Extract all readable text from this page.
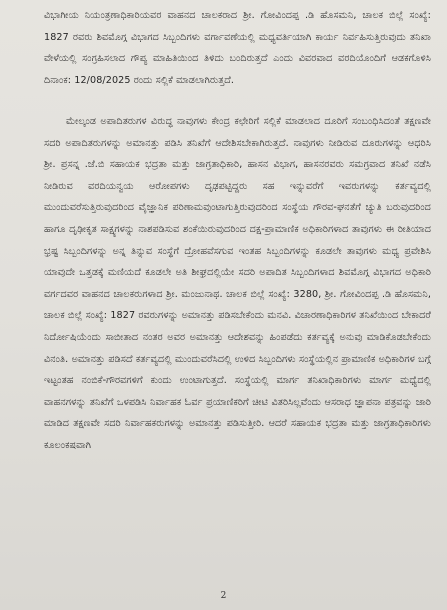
ವಿಭಾಗೀಯ ನಿಯಂತ್ರಣಾಧಿಕಾರಿಯವರ ವಾಹನದ ಚಾಲಕರಾದ ಶ್ರೀ. ಗೋವಿಂದಪ್ಪ .ಡಿ ಹೊಸಮನಿ, ಚಾಲಕ ಬಿಲ್ಲೆ ಸಂಖ್ಯೆ: 1827 ರವರು ಶಿವಮೊಗ್ಗ ವಿಭಾಗದ ಸಿಬ್ಬಂದಿಗಳು ವರ್ಗಾವಣೆಯಲ್ಲಿ ಮಧ್ಯವರ್ತಿಯಾಗಿ ಕಾರ್ಯ ನಿರ್ವಹಿಸುತ್ತಿರುವುದು ತನಿಖಾ ವೇಳೆಯಲ್ಲಿ ಸಂಗ್ರಹಿಸಲಾದ ಗೌಪ್ಯ ಮಾಹಿತಿಯಿಂದ ತಿಳಿದು ಬಂದಿರುತ್ತದೆ ಎಂದು ವಿವರವಾದ ವರದಿಯೊಂದಿಗೆ ಆಡಕಗೊಳಿಸಿ ದಿನಾಂಕ: 12/08/2025 ರಂದು ಸಲ್ಲಿಕೆ ಮಾಡಲಾಗಿರುತ್ತದೆ.

ಮೇಲ್ಕಂಡ ಅಪಾದಿತರುಗಳ ವಿರುದ್ಧ ನಾವುಗಳು ಕೇಂದ್ರ ಕಛೇರಿಗೆ ಸಲ್ಲಿಕೆ ಮಾಡಲಾದ ದೂರಿಗೆ ಸಂಬಂಧಿಸಿದಂತೆ ತಕ್ಷಣವೇ ಸದರಿ ಅಪಾದಿತರುಗಳನ್ನು ಅಮಾನತ್ತು ಪಡಿಸಿ ತನಿಖೆಗೆ ಆದೇಶಿಸಬೇಕಾಗಿರುತ್ತದೆ. ನಾವುಗಳು ನೀಡಿರುವ ದೂರುಗಳನ್ನು ಆಧರಿಸಿ ಶ್ರೀ. ಪ್ರಸನ್ನ .ಜೆ.ಬಿ ಸಹಾಯಕ ಭದ್ರತಾ ಮತ್ತು ಜಾಗ್ರತಾಧಿಕಾರಿ, ಹಾಸನ ವಿಭಾಗ, ಹಾಸನರವರು ಸಮಗ್ರವಾದ ತನಿಖೆ ನಡೆಸಿ ನೀಡಿರುವ ವರದಿಯನ್ವಯ ಆರೋಪಗಳು ದೃಢಪಟ್ಟಿದ್ದರು ಸಹ ಇನ್ನುವರೆಗೆ ಇವರುಗಳನ್ನು ಕರ್ತವ್ಯದಲ್ಲಿ ಮುಂದುವರೆಸುತ್ತಿರುವುದರಿಂದ ವೈಜ್ಞಾನಿಕ ಪರಿಣಾಮವುಂಟಾಗುತ್ತಿರುವುದರಿಂದ ಸಂಸ್ಥೆಯ ಗೌರವ-ಘನತೆಗೆ ಚ್ಯುತಿ ಬರುವುದರಿಂದ ಹಾಗೂ ದೃಢೀಕೃತ ಸಾಕ್ಷ್ಯಗಳನ್ನು ನಾಶಪಡಿಸುವ ಶಂಕೆಯಿರುವುದರಿಂದ ದಕ್ಷ-ಪ್ರಾಮಾಣಿಕ ಅಧಿಕಾರಿಗಳಾದ ತಾವುಗಳು ಈ ರೀತಿಯಾದ ಭ್ರಷ್ಟ ಸಿಬ್ಬಂದಿಗಳನ್ನು ಅನ್ನ ತಿನ್ನುವ ಸಂಸ್ಥೆಗೆ ದ್ರೋಹವೆಸಗುವ ಇಂತಹ ಸಿಬ್ಬಂದಿಗಳನ್ನು ಕೂಡಲೇ ತಾವುಗಳು ಮಧ್ಯ ಪ್ರವೇಶಿಸಿ ಯಾವುದೇ ಒತ್ತಡಕ್ಕೆ ಮಣಿಯದೆ ಕೂಡಲೇ ಅತಿ ಶೀಘ್ರದಲ್ಲಿಯೇ ಸದರಿ ಅಪಾದಿತ ಸಿಬ್ಬಂದಿಗಳಾದ ಶಿವಮೊಗ್ಗ ವಿಭಾಗದ ಅಧಿಕಾರಿ ವರ್ಗದವರ ವಾಹನದ ಚಾಲಕರುಗಳಾದ ಶ್ರೀ. ಮಂಜುನಾಥ. ಚಾಲಕ ಬಿಲ್ಲೆ ಸಂಖ್ಯೆ: 3280, ಶ್ರೀ. ಗೋವಿಂದಪ್ಪ .ಡಿ ಹೊಸಮನಿ, ಚಾಲಕ ಬಿಲ್ಲೆ ಸಂಖ್ಯೆ: 1827 ರವರುಗಳನ್ನು ಅಮಾನತ್ತು ಪಡಿಸಬೇಕೆಂದು ಮನವಿ. ವಿಚಾರಣಾಧಿಕಾರಿಗಳ ತನಿಖೆಯಿಂದ ಬೇಕಾದರೆ ನಿರ್ದೋಷಿಯೆಂದು ಸಾಬೀತಾದ ನಂತರ ಅವರ ಅಮಾನತ್ತು ಆದೇಶವನ್ನು ಹಿಂಪಡೆದು ಕರ್ತವ್ಯಕ್ಕೆ ಅನುವು ಮಾಡಿಕೊಡಬೇಕೆಂದು ವಿನಂತಿ. ಅಮಾನತ್ತು ಪಡಿಸದೆ ಕರ್ತವ್ಯದಲ್ಲಿ ಮುಂದುವರೆಸಿದಲ್ಲಿ ಉಳಿದ ಸಿಬ್ಬಂದಿಗಳು ಸಂಸ್ಥೆಯಲ್ಲಿನ ಪ್ರಾಮಾಣಿಕ ಅಧಿಕಾರಿಗಳ ಬಗ್ಗೆ ಇಟ್ಟಂತಹ ನಂಬಿಕೆ-ಗೌರವಗಳಿಗೆ ಕುಂದು ಉಂಟಾಗುತ್ತದೆ. ಸಂಸ್ಥೆಯಲ್ಲಿ ಮಾರ್ಗ ತನಿಖಾಧಿಕಾರಿಗಳು ಮಾರ್ಗ ಮಧ್ಯೆದಲ್ಲಿ ವಾಹನಗಳನ್ನು ತನಿಖೆಗೆ ಒಳಪಡಿಸಿ ನಿರ್ವಾಹಕ ಓರ್ವ ಪ್ರಯಾಣಿಕರಿಗೆ ಚೀಟಿ ವಿತರಿಸಿಲ್ಲವೆಂದು ಆಸರಾಧ ಜ್ಞಾಪನಾ ಪತ್ರವನ್ನು ಜಾರಿ ಮಾಡಿದ ತಕ್ಷಣವೇ ಸದರಿ ನಿರ್ವಾಹಕರುಗಳನ್ನು ಅಮಾನತ್ತು ಪಡಿಸುತ್ತೀರಿ. ಆದರೆ ಸಹಾಯಕ ಭದ್ರತಾ ಮತ್ತು ಜಾಗ್ರತಾಧಿಕಾರಿಗಳು ಕೂಲಂಕಷವಾಗಿ

2
